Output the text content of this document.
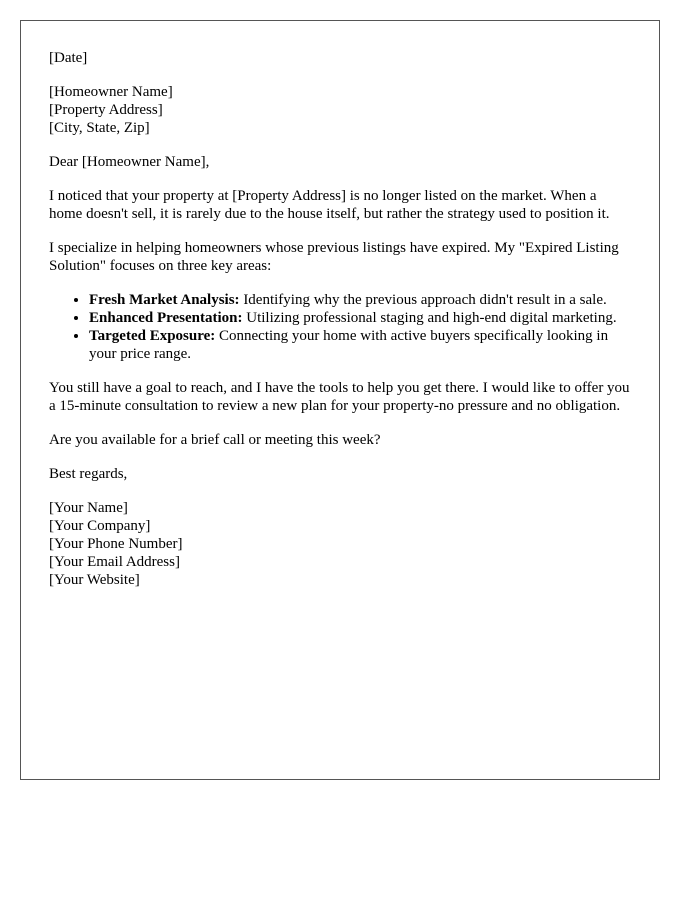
[Date]

[Homeowner Name]
[Property Address]
[City, State, Zip]

Dear [Homeowner Name],

I noticed that your property at [Property Address] is no longer listed on the market. When a home doesn't sell, it is rarely due to the house itself, but rather the strategy used to position it.

I specialize in helping homeowners whose previous listings have expired. My "Expired Listing Solution" focuses on three key areas:

• Fresh Market Analysis: Identifying why the previous approach didn't result in a sale.
• Enhanced Presentation: Utilizing professional staging and high-end digital marketing.
• Targeted Exposure: Connecting your home with active buyers specifically looking in your price range.

You still have a goal to reach, and I have the tools to help you get there. I would like to offer you a 15-minute consultation to review a new plan for your property-no pressure and no obligation.

Are you available for a brief call or meeting this week?

Best regards,

[Your Name]
[Your Company]
[Your Phone Number]
[Your Email Address]
[Your Website]
